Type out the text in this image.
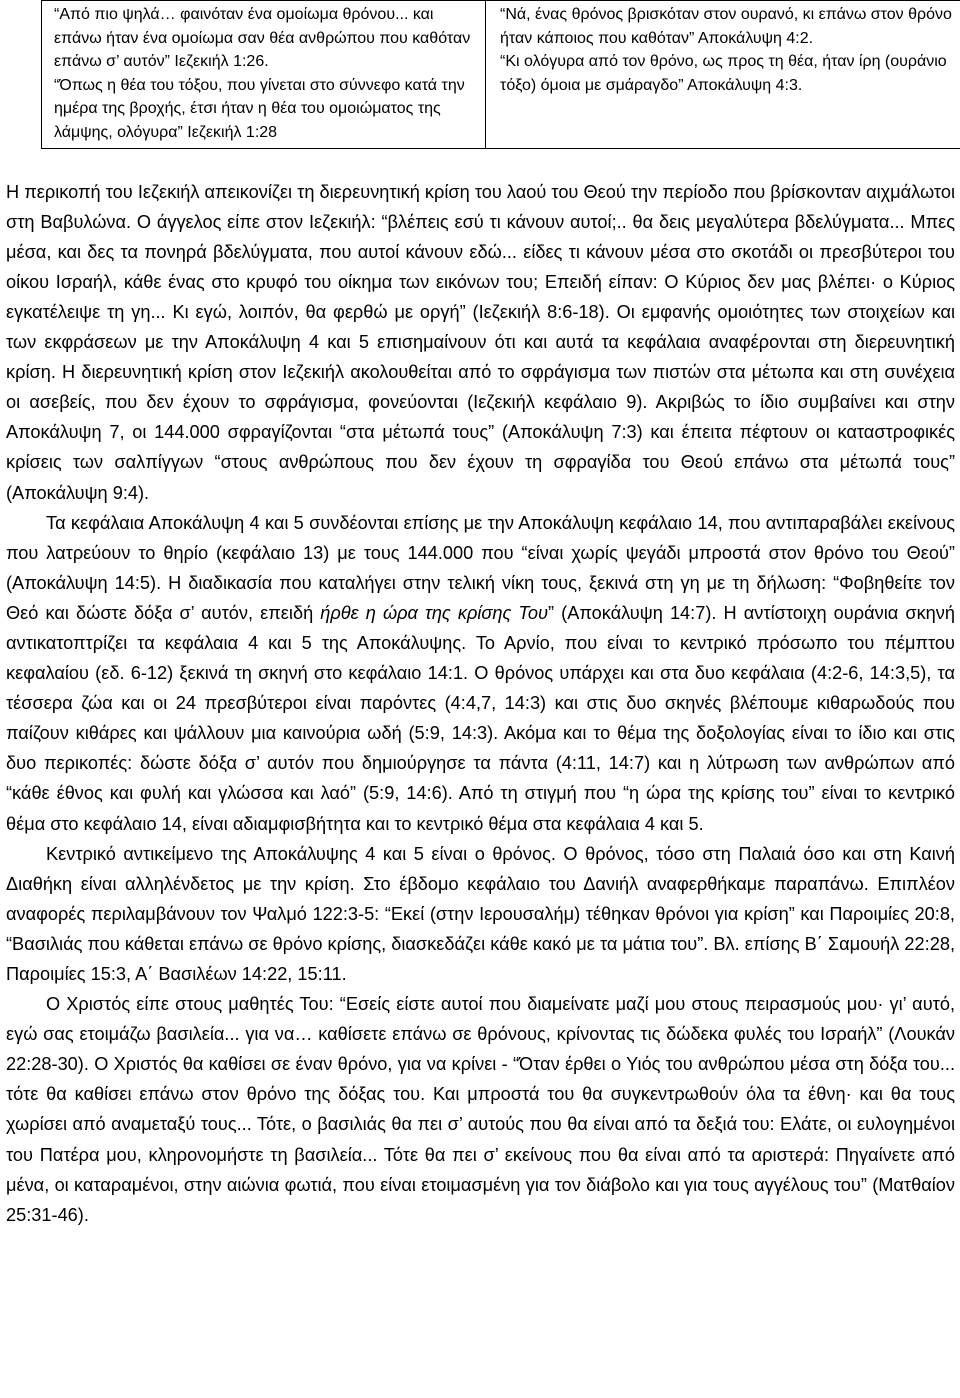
“Από πιο ψηλά… φαινόταν ένα ομοίωμα θρόνου... και επάνω ήταν ένα ομοίωμα σαν θέα ανθρώπου που καθόταν επάνω σ’ αυτόν” Ιεζεκιήλ 1:26.
“Όπως η θέα του τόξου, που γίνεται στο σύννεφο κατά την ημέρα της βροχής, έτσι ήταν η θέα του ομοιώματος της λάμψης, ολόγυρα” Ιεζεκιήλ 1:28

“Νά, ένας θρόνος βρισκόταν στον ουρανό, κι επάνω στον θρόνο ήταν κάποιος που καθόταν” Αποκάλυψη 4:2.
“Κι ολόγυρα από τον θρόνο, ως προς τη θέα, ήταν ίρη (ουράνιο τόξο) όμοια με σμάραγδο” Αποκάλυψη 4:3.

Η περικοπή του Ιεζεκιήλ απεικονίζει τη διερευνητική κρίση του λαού του Θεού την περίοδο που βρίσκονταν αιχμάλωτοι στη Βαβυλώνα. Ο άγγελος είπε στον Ιεζεκιήλ: “βλέπεις εσύ τι κάνουν αυτοί;.. θα δεις μεγαλύτερα βδελύγματα... Μπες μέσα, και δες τα πονηρά βδελύγματα, που αυτοί κάνουν εδώ... είδες τι κάνουν μέσα στο σκοτάδι οι πρεσβύτεροι του οίκου Ισραήλ, κάθε ένας στο κρυφό του οίκημα των εικόνων του; Επειδή είπαν: Ο Κύριος δεν μας βλέπει· ο Κύριος εγκατέλειψε τη γη... Κι εγώ, λοιπόν, θα φερθώ με οργή” (Ιεζεκιήλ 8:6-18). Οι εμφανής ομοιότητες των στοιχείων και των εκφράσεων με την Αποκάλυψη 4 και 5 επισημαίνουν ότι και αυτά τα κεφάλαια αναφέρονται στη διερευνητική κρίση. Η διερευνητική κρίση στον Ιεζεκιήλ ακολουθείται από το σφράγισμα των πιστών στα μέτωπα και στη συνέχεια οι ασεβείς, που δεν έχουν το σφράγισμα, φονεύονται (Ιεζεκιήλ κεφάλαιο 9). Ακριβώς το ίδιο συμβαίνει και στην Αποκάλυψη 7, οι 144.000 σφραγίζονται “στα μέτωπά τους” (Αποκάλυψη 7:3) και έπειτα πέφτουν οι καταστροφικές κρίσεις των σαλπίγγων “στους ανθρώπους που δεν έχουν τη σφραγίδα του Θεού επάνω στα μέτωπά τους” (Αποκάλυψη 9:4).

Τα κεφάλαια Αποκάλυψη 4 και 5 συνδέονται επίσης με την Αποκάλυψη κεφάλαιο 14, που αντιπαραβάλει εκείνους που λατρεύουν το θηρίο (κεφάλαιο 13) με τους 144.000 που “είναι χωρίς ψεγάδι μπροστά στον θρόνο του Θεού” (Αποκάλυψη 14:5). Η διαδικασία που καταλήγει στην τελική νίκη τους, ξεκινά στη γη με τη δήλωση: “Φοβηθείτε τον Θεό και δώστε δόξα σ’ αυτόν, επειδή ήρθε η ώρα της κρίσης Του” (Αποκάλυψη 14:7). Η αντίστοιχη ουράνια σκηνή αντικατοπτρίζει τα κεφάλαια 4 και 5 της Αποκάλυψης. Το Αρνίο, που είναι το κεντρικό πρόσωπο του πέμπτου κεφαλαίου (εδ. 6-12) ξεκινά τη σκηνή στο κεφάλαιο 14:1. Ο θρόνος υπάρχει και στα δυο κεφάλαια (4:2-6, 14:3,5), τα τέσσερα ζώα και οι 24 πρεσβύτεροι είναι παρόντες (4:4,7, 14:3) και στις δυο σκηνές βλέπουμε κιθαρωδούς που παίζουν κιθάρες και ψάλλουν μια καινούρια ωδή (5:9, 14:3). Ακόμα και το θέμα της δοξολογίας είναι το ίδιο και στις δυο περικοπές: δώστε δόξα σ’ αυτόν που δημιούργησε τα πάντα (4:11, 14:7) και η λύτρωση των ανθρώπων από “κάθε έθνος και φυλή και γλώσσα και λαό” (5:9, 14:6). Από τη στιγμή που “η ώρα της κρίσης του” είναι το κεντρικό θέμα στο κεφάλαιο 14, είναι αδιαμφισβήτητα και το κεντρικό θέμα στα κεφάλαια 4 και 5.

Κεντρικό αντικείμενο της Αποκάλυψης 4 και 5 είναι ο θρόνος. Ο θρόνος, τόσο στη Παλαιά όσο και στη Καινή Διαθήκη είναι αλληλένδετος με την κρίση. Στο έβδομο κεφάλαιο του Δανιήλ αναφερθήκαμε παραπάνω. Επιπλέον αναφορές περιλαμβάνουν τον Ψαλμό 122:3-5: “Εκεί (στην Ιερουσαλήμ) τέθηκαν θρόνοι για κρίση” και Παροιμίες 20:8, “Βασιλιάς που κάθεται επάνω σε θρόνο κρίσης, διασκεδάζει κάθε κακό με τα μάτια του”. Βλ. επίσης Β΄ Σαμουήλ 22:28, Παροιμίες 15:3, Α΄ Βασιλέων 14:22, 15:11.

Ο Χριστός είπε στους μαθητές Του: “Εσείς είστε αυτοί που διαμείνατε μαζί μου στους πειρασμούς μου· γι’ αυτό, εγώ σας ετοιμάζω βασιλεία... για να… καθίσετε επάνω σε θρόνους, κρίνοντας τις δώδεκα φυλές του Ισραήλ” (Λουκάν 22:28-30). Ο Χριστός θα καθίσει σε έναν θρόνο, για να κρίνει - “Όταν έρθει ο Υιός του ανθρώπου μέσα στη δόξα του... τότε θα καθίσει επάνω στον θρόνο της δόξας του. Και μπροστά του θα συγκεντρωθούν όλα τα έθνη· και θα τους χωρίσει από αναμεταξύ τους... Τότε, ο βασιλιάς θα πει σ’ αυτούς που θα είναι από τα δεξιά του: Ελάτε, οι ευλογημένοι του Πατέρα μου, κληρονομήστε τη βασιλεία... Τότε θα πει σ’ εκείνους που θα είναι από τα αριστερά: Πηγαίνετε από μένα, οι καταραμένοι, στην αιώνια φωτιά, που είναι ετοιμασμένη για τον διάβολο και για τους αγγέλους του” (Ματθαίον 25:31-46).
